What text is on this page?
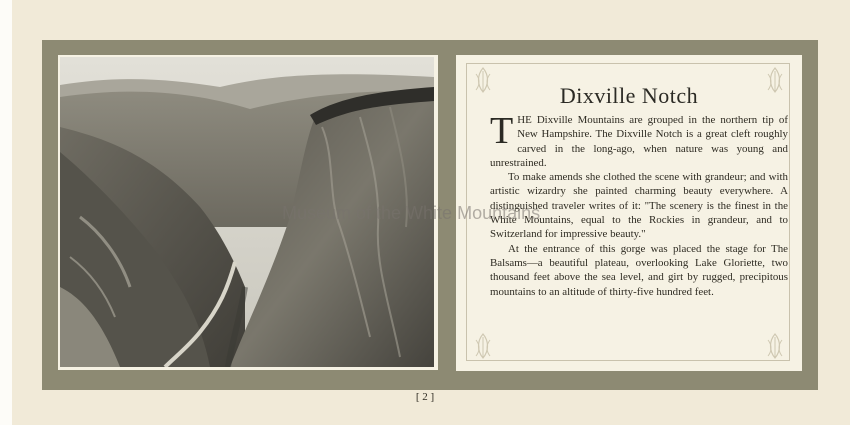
Dixville Notch

THE Dixville Mountains are grouped in the northern tip of New Hampshire. The Dixville Notch is a great cleft roughly carved in the long-ago, when nature was young and unrestrained.

To make amends she clothed the scene with grandeur; and with artistic wizardry she painted charming beauty everywhere. A distinguished traveler writes of it: "The scenery is the finest in the White Mountains, equal to the Rockies in grandeur, and to Switzerland for impressive beauty."

At the entrance of this gorge was placed the stage for The Balsams—a beautiful plateau, overlooking Lake Gloriette, two thousand feet above the sea level, and girt by rugged, precipitous mountains to an altitude of thirty-five hundred feet.

Museum of the White Mountains
[ 2 ]
